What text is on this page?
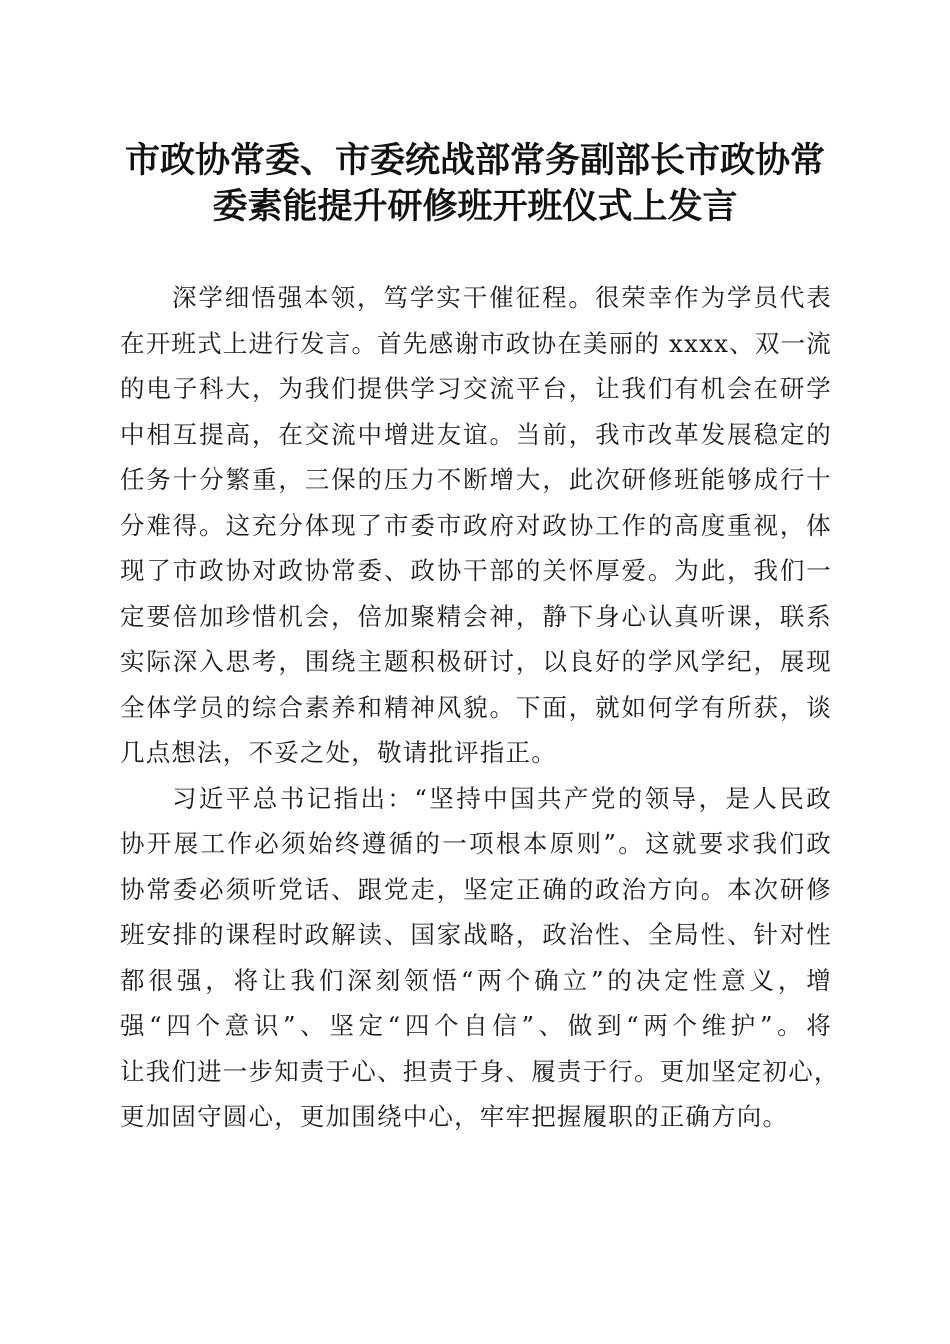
市政协常委、市委统战部常务副部长市政协常
委素能提升研修班开班仪式上发言
深学细悟强本领，笃学实干催征程。很荣幸作为学员代表
在开班式上进行发言。首先感谢市政协在美丽的 xxxx、双一流
的电子科大，为我们提供学习交流平台，让我们有机会在研学
中相互提高，在交流中增进友谊。当前，我市改革发展稳定的
任务十分繁重，三保的压力不断增大，此次研修班能够成行十
分难得。这充分体现了市委市政府对政协工作的高度重视，体
现了市政协对政协常委、政协干部的关怀厚爱。为此，我们一
定要倍加珍惜机会，倍加聚精会神，静下身心认真听课，联系
实际深入思考，围绕主题积极研讨，以良好的学风学纪，展现
全体学员的综合素养和精神风貌。下面，就如何学有所获，谈
几点想法，不妥之处，敬请批评指正。
习近平总书记指出：“坚持中国共产党的领导，是人民政
协开展工作必须始终遵循的一项根本原则”。这就要求我们政
协常委必须听党话、跟党走，坚定正确的政治方向。本次研修
班安排的课程时政解读、国家战略，政治性、全局性、针对性
都很强，将让我们深刻领悟“两个确立”的决定性意义，增
强“四个意识”、坚定“四个自信”、做到“两个维护”。将
让我们进一步知责于心、担责于身、履责于行。更加坚定初心，
更加固守圆心，更加围绕中心，牢牢把握履职的正确方向。
